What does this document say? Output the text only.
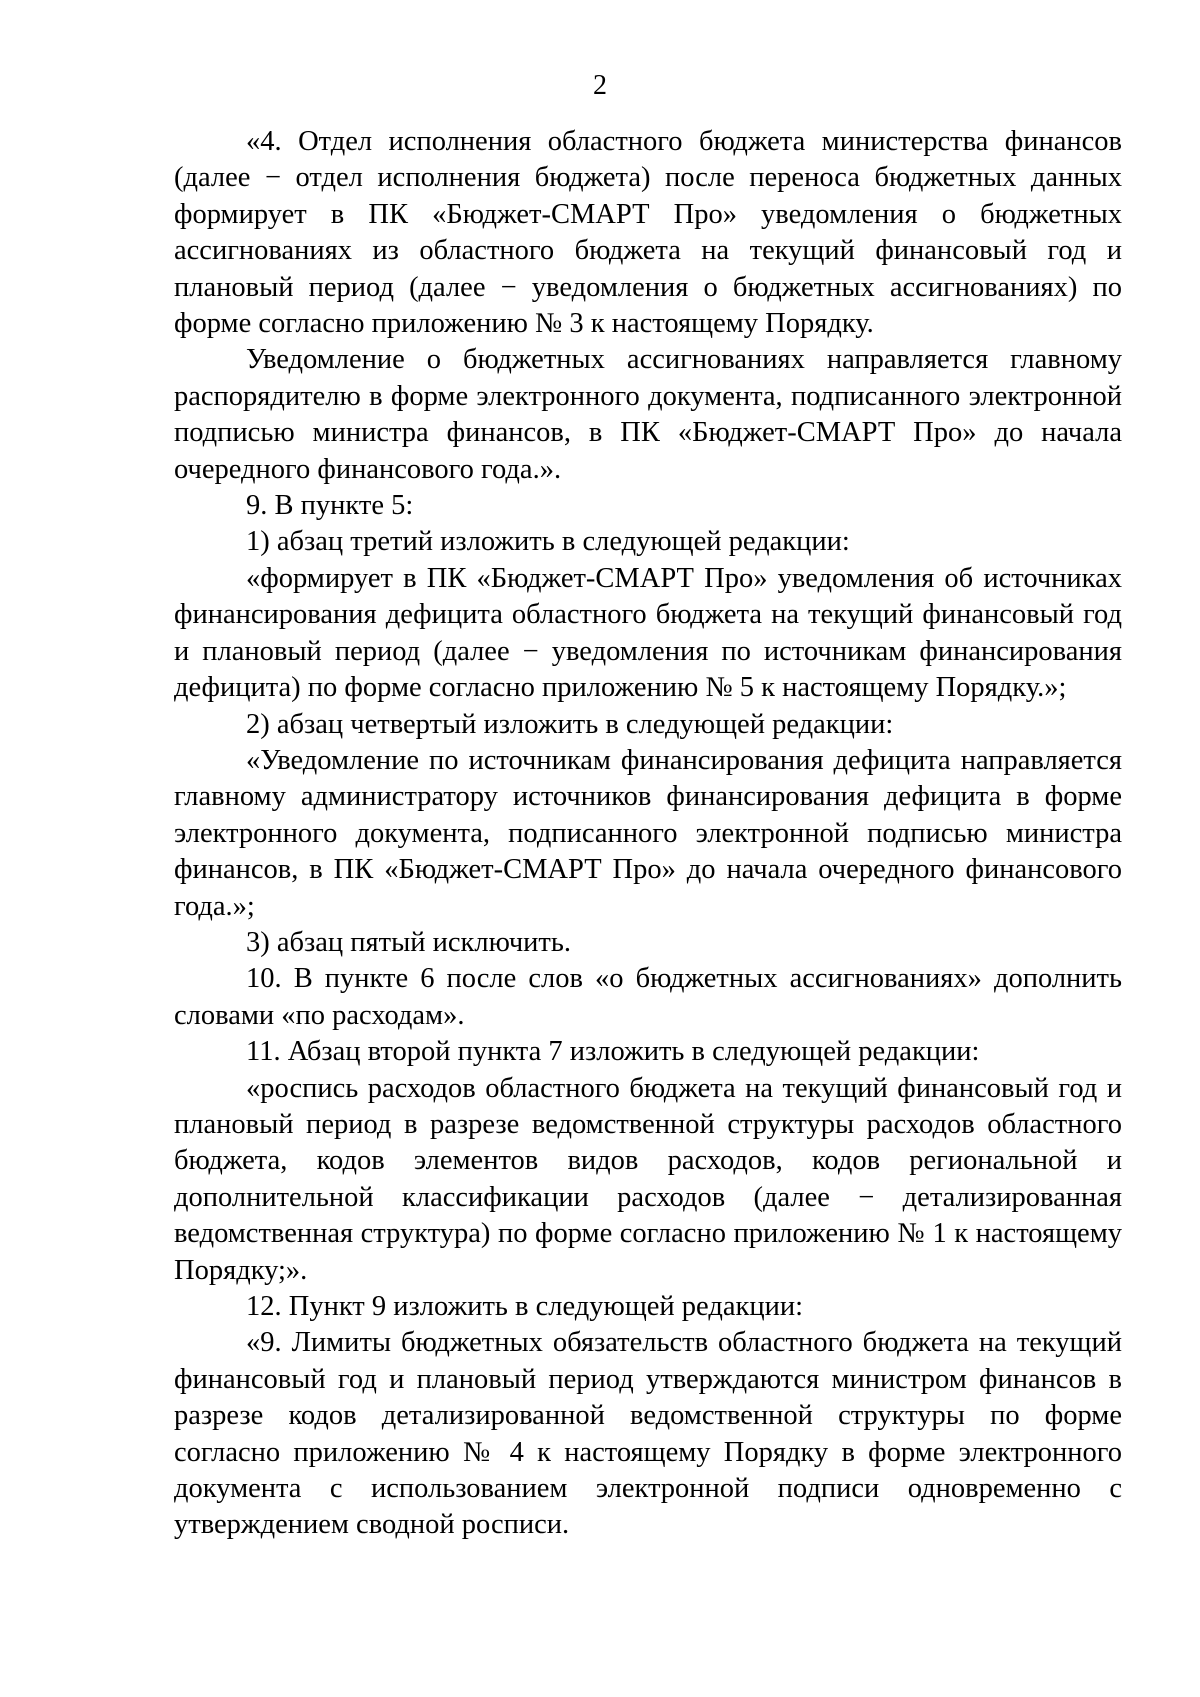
2

«4. Отдел исполнения областного бюджета министерства финансов (далее − отдел исполнения бюджета) после переноса бюджетных данных формирует в ПК «Бюджет-СМАРТ Про» уведомления о бюджетных ассигнованиях из областного бюджета на текущий финансовый год и плановый период (далее − уведомления о бюджетных ассигнованиях) по форме согласно приложению № 3 к настоящему Порядку.

Уведомление о бюджетных ассигнованиях направляется главному распорядителю в форме электронного документа, подписанного электронной подписью министра финансов, в ПК «Бюджет-СМАРТ Про» до начала очередного финансового года.».

9. В пункте 5:

1) абзац третий изложить в следующей редакции:

«формирует в ПК «Бюджет-СМАРТ Про» уведомления об источниках финансирования дефицита областного бюджета на текущий финансовый год и плановый период (далее − уведомления по источникам финансирования дефицита) по форме согласно приложению № 5 к настоящему Порядку.»;

2) абзац четвертый изложить в следующей редакции:

«Уведомление по источникам финансирования дефицита направляется главному администратору источников финансирования дефицита в форме электронного документа, подписанного электронной подписью министра финансов, в ПК «Бюджет-СМАРТ Про» до начала очередного финансового года.»;

3) абзац пятый исключить.

10. В пункте 6 после слов «о бюджетных ассигнованиях» дополнить словами «по расходам».

11. Абзац второй пункта 7 изложить в следующей редакции:

«роспись расходов областного бюджета на текущий финансовый год и плановый период в разрезе ведомственной структуры расходов областного бюджета, кодов элементов видов расходов, кодов региональной и дополнительной классификации расходов (далее − детализированная ведомственная структура) по форме согласно приложению № 1 к настоящему Порядку;».

12. Пункт 9 изложить в следующей редакции:

«9. Лимиты бюджетных обязательств областного бюджета на текущий финансовый год и плановый период утверждаются министром финансов в разрезе кодов детализированной ведомственной структуры по форме согласно приложению № 4 к настоящему Порядку в форме электронного документа с использованием электронной подписи одновременно с утверждением сводной росписи.
